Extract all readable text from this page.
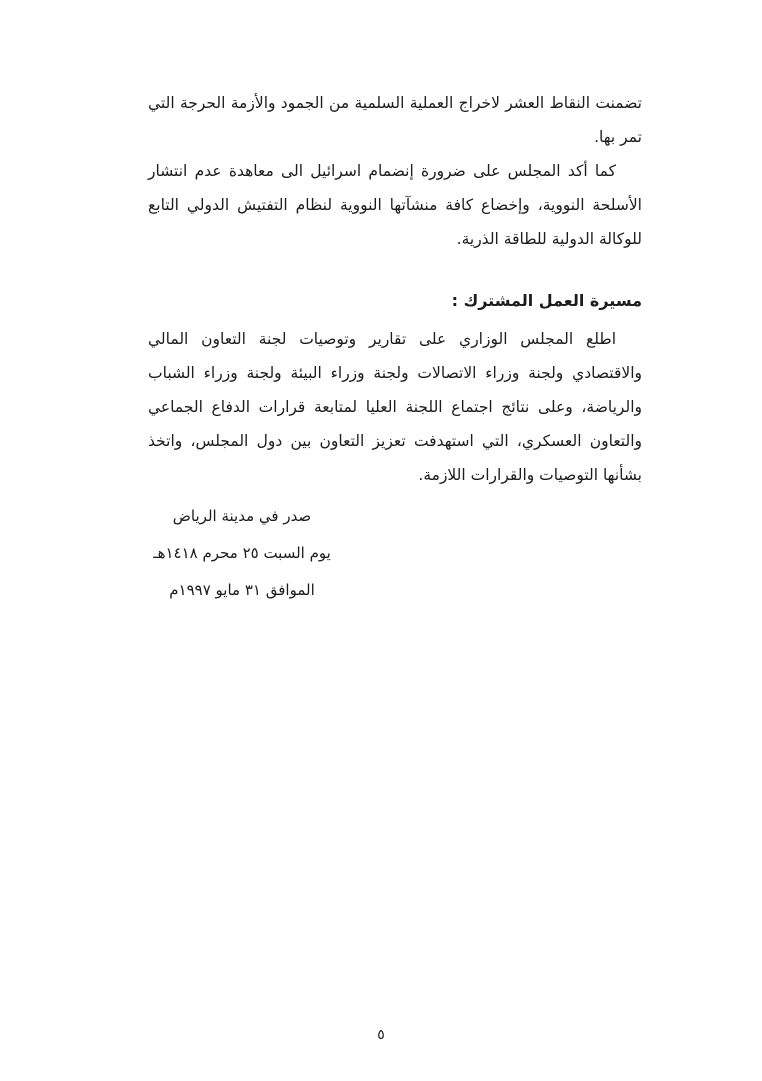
تضمنت النقاط العشر لاخراج العملية السلمية من الجمود والأزمة الحرجة التي تمر بها.

كما أكد المجلس على ضرورة إنضمام اسرائيل الى معاهدة عدم انتشار الأسلحة النووية، وإخضاع كافة منشآتها النووية لنظام التفتيش الدولي التابع للوكالة الدولية للطاقة الذرية.

مسيرة العمل المشترك :

اطلع المجلس الوزاري على تقارير وتوصيات لجنة التعاون المالي والاقتصادي ولجنة وزراء الاتصالات ولجنة وزراء البيئة ولجنة وزراء الشباب والرياضة، وعلى نتائج اجتماع اللجنة العليا لمتابعة قرارات الدفاع الجماعي والتعاون العسكري، التي استهدفت تعزيز التعاون بين دول المجلس، واتخذ بشأنها التوصيات والقرارات اللازمة.

صدر في مدينة الرياض
يوم السبت ٢٥ محرم ١٤١٨هـ
الموافق ٣١ مايو ١٩٩٧م
٥
